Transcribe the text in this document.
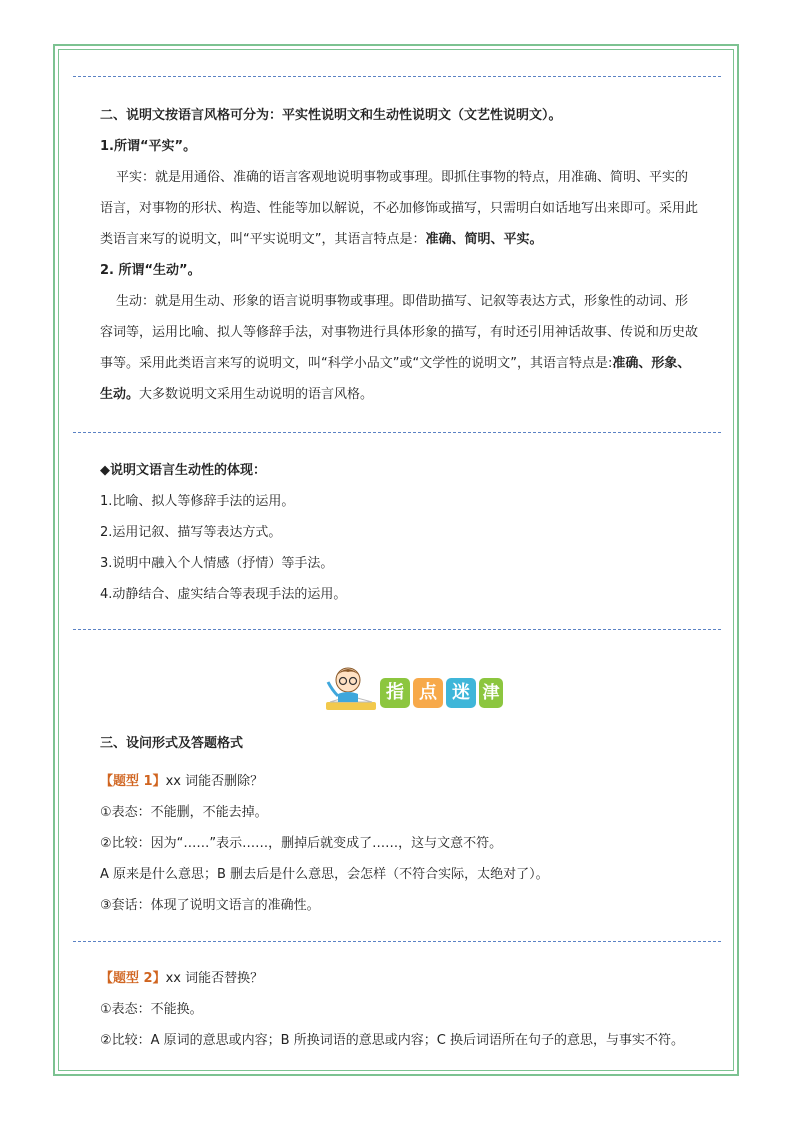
二、说明文按语言风格可分为：平实性说明文和生动性说明文（文艺性说明文）。
1.所谓“平实”。
平实：就是用通俗、准确的语言客观地说明事物或事理。即抓住事物的特点，用准确、简明、平实的
语言，对事物的形状、构造、性能等加以解说，不必加修饰或描写，只需明白如话地写出来即可。采用此
类语言来写的说明文，叫“平实说明文”，其语言特点是：准确、简明、平实。
2. 所谓“生动”。
生动：就是用生动、形象的语言说明事物或事理。即借助描写、记叙等表达方式，形象性的动词、形
容词等，运用比喻、拟人等修辞手法，对事物进行具体形象的描写，有时还引用神话故事、传说和历史故
事等。采用此类语言来写的说明文，叫“科学小品文”或“文学性的说明文”，其语言特点是:准确、形象、
生动。大多数说明文采用生动说明的语言风格。
◆说明文语言生动性的体现：
1.比喻、拟人等修辞手法的运用。
2.运用记叙、描写等表达方式。
3.说明中融入个人情感（抒情）等手法。
4.动静结合、虚实结合等表现手法的运用。
指 点 迷 津
三、设问形式及答题格式
【题型 1】xx 词能否删除？
①表态：不能删，不能去掉。
②比较：因为“……”表示……，删掉后就变成了……，这与文意不符。
A 原来是什么意思；B 删去后是什么意思，会怎样（不符合实际，太绝对了）。
③套话：体现了说明文语言的准确性。
【题型 2】xx 词能否替换？
①表态：不能换。
②比较：A 原词的意思或内容；B 所换词语的意思或内容；C 换后词语所在句子的意思，与事实不符。
